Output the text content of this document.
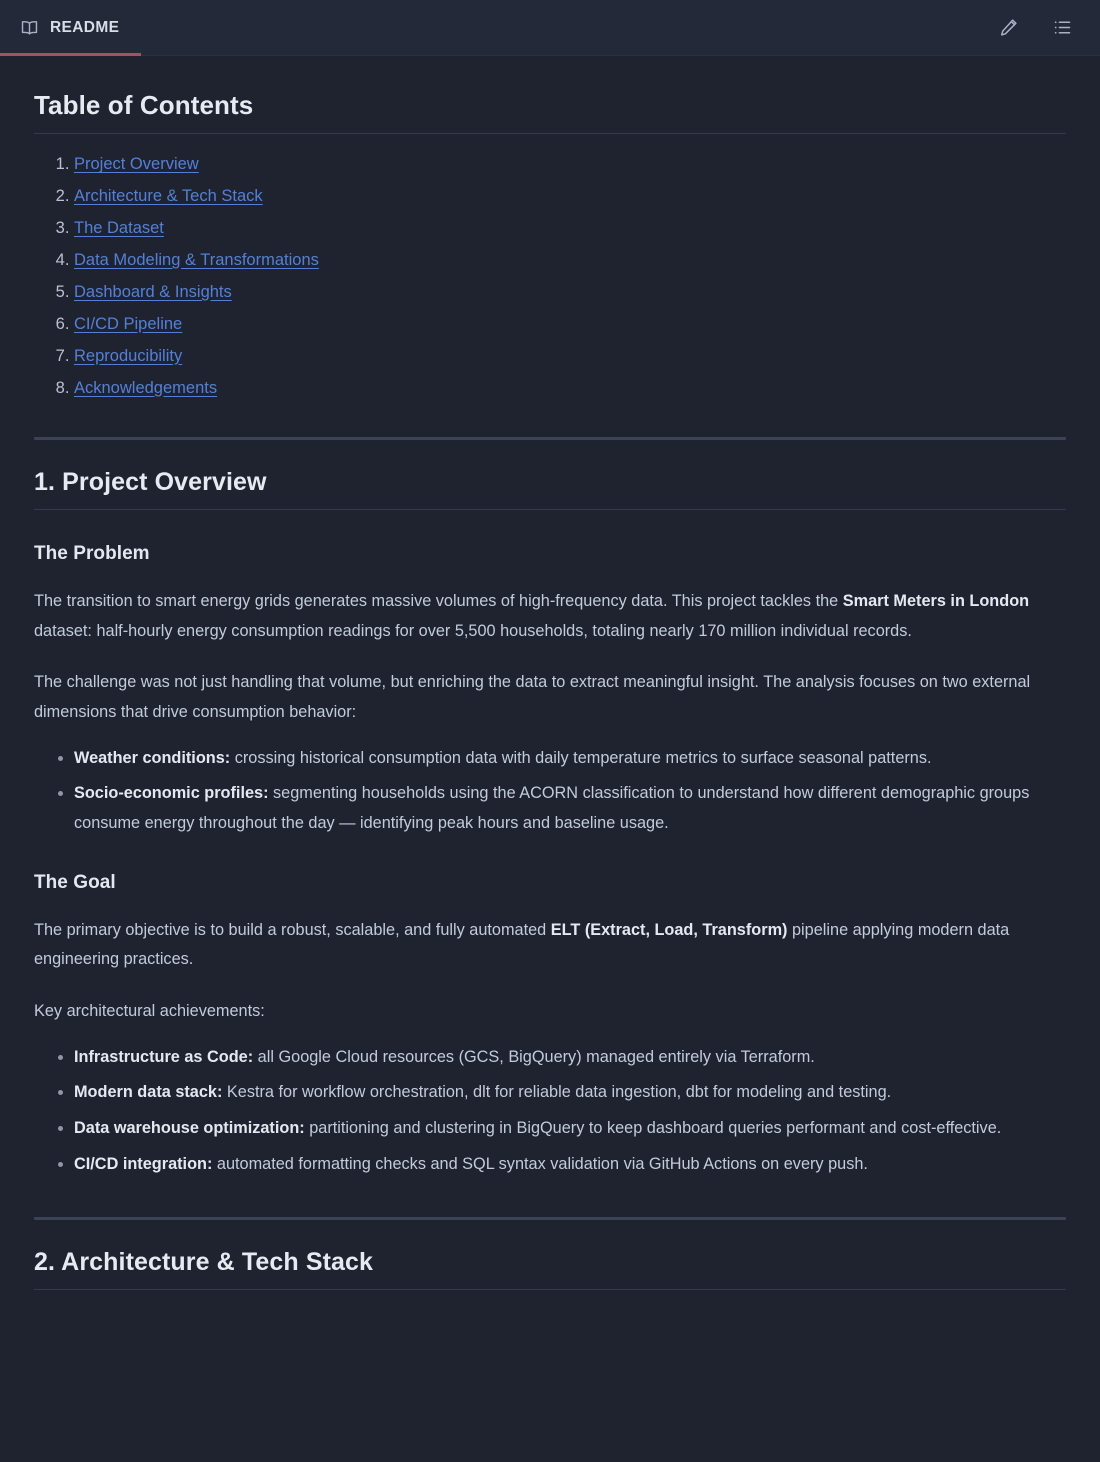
README
Table of Contents
1. Project Overview
2. Architecture & Tech Stack
3. The Dataset
4. Data Modeling & Transformations
5. Dashboard & Insights
6. CI/CD Pipeline
7. Reproducibility
8. Acknowledgements
1. Project Overview
The Problem

The transition to smart energy grids generates massive volumes of high-frequency data. This project tackles the Smart Meters in London dataset: half-hourly energy consumption readings for over 5,500 households, totaling nearly 170 million individual records.

The challenge was not just handling that volume, but enriching the data to extract meaningful insight. The analysis focuses on two external dimensions that drive consumption behavior:

• Weather conditions: crossing historical consumption data with daily temperature metrics to surface seasonal patterns.
• Socio-economic profiles: segmenting households using the ACORN classification to understand how different demographic groups consume energy throughout the day — identifying peak hours and baseline usage.
The Goal

The primary objective is to build a robust, scalable, and fully automated ELT (Extract, Load, Transform) pipeline applying modern data engineering practices.

Key architectural achievements:

• Infrastructure as Code: all Google Cloud resources (GCS, BigQuery) managed entirely via Terraform.
• Modern data stack: Kestra for workflow orchestration, dlt for reliable data ingestion, dbt for modeling and testing.
• Data warehouse optimization: partitioning and clustering in BigQuery to keep dashboard queries performant and cost-effective.
• CI/CD integration: automated formatting checks and SQL syntax validation via GitHub Actions on every push.
2. Architecture & Tech Stack
